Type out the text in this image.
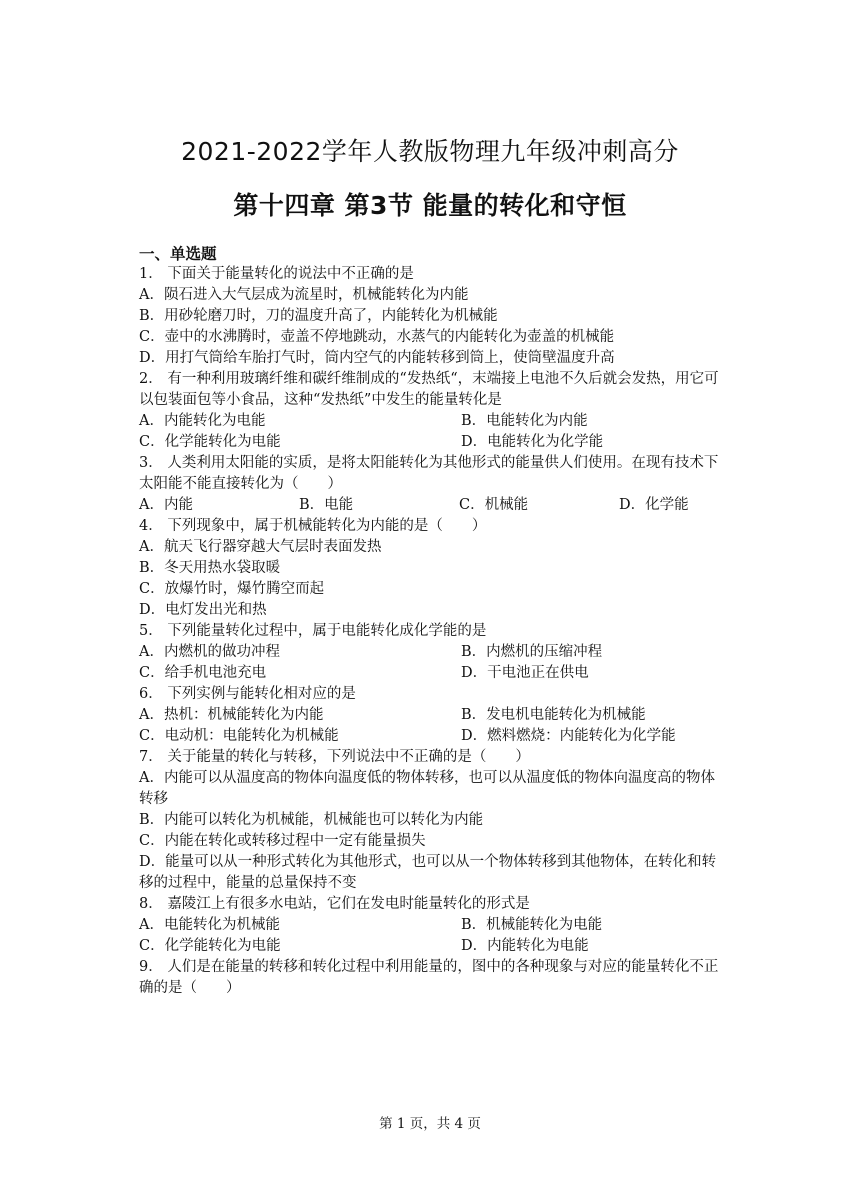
2021-2022学年人教版物理九年级冲刺高分
第十四章 第3节 能量的转化和守恒
一、单选题
1． 下面关于能量转化的说法中不正确的是
A．陨石进入大气层成为流星时，机械能转化为内能
B．用砂轮磨刀时，刀的温度升高了，内能转化为机械能
C．壶中的水沸腾时，壶盖不停地跳动，水蒸气的内能转化为壶盖的机械能
D．用打气筒给车胎打气时，筒内空气的内能转移到筒上，使筒壁温度升高
2． 有一种利用玻璃纤维和碳纤维制成的“发热纸“，末端接上电池不久后就会发热，用它可以包装面包等小食品，这种“发热纸”中发生的能量转化是
A．内能转化为电能	B．电能转化为内能
C．化学能转化为电能	D．电能转化为化学能
3． 人类利用太阳能的实质，是将太阳能转化为其他形式的能量供人们使用。在现有技术下太阳能不能直接转化为（　　）
A．内能	B．电能	C．机械能	D．化学能
4． 下列现象中，属于机械能转化为内能的是（　　）
A．航天飞行器穿越大气层时表面发热
B．冬天用热水袋取暖
C．放爆竹时，爆竹腾空而起
D．电灯发出光和热
5． 下列能量转化过程中，属于电能转化成化学能的是
A．内燃机的做功冲程	B．内燃机的压缩冲程
C．给手机电池充电	D．干电池正在供电
6． 下列实例与能转化相对应的是
A．热机：机械能转化为内能	B．发电机电能转化为机械能
C．电动机：电能转化为机械能	D．燃料燃烧：内能转化为化学能
7． 关于能量的转化与转移，下列说法中不正确的是（　　）
A．内能可以从温度高的物体向温度低的物体转移，也可以从温度低的物体向温度高的物体转移
B．内能可以转化为机械能，机械能也可以转化为内能
C．内能在转化或转移过程中一定有能量损失
D．能量可以从一种形式转化为其他形式，也可以从一个物体转移到其他物体，在转化和转移的过程中，能量的总量保持不变
8． 嘉陵江上有很多水电站，它们在发电时能量转化的形式是
A．电能转化为机械能	B．机械能转化为电能
C．化学能转化为电能	D．内能转化为电能
9． 人们是在能量的转移和转化过程中利用能量的，图中的各种现象与对应的能量转化不正确的是（　　）
第 1 页，共 4 页
